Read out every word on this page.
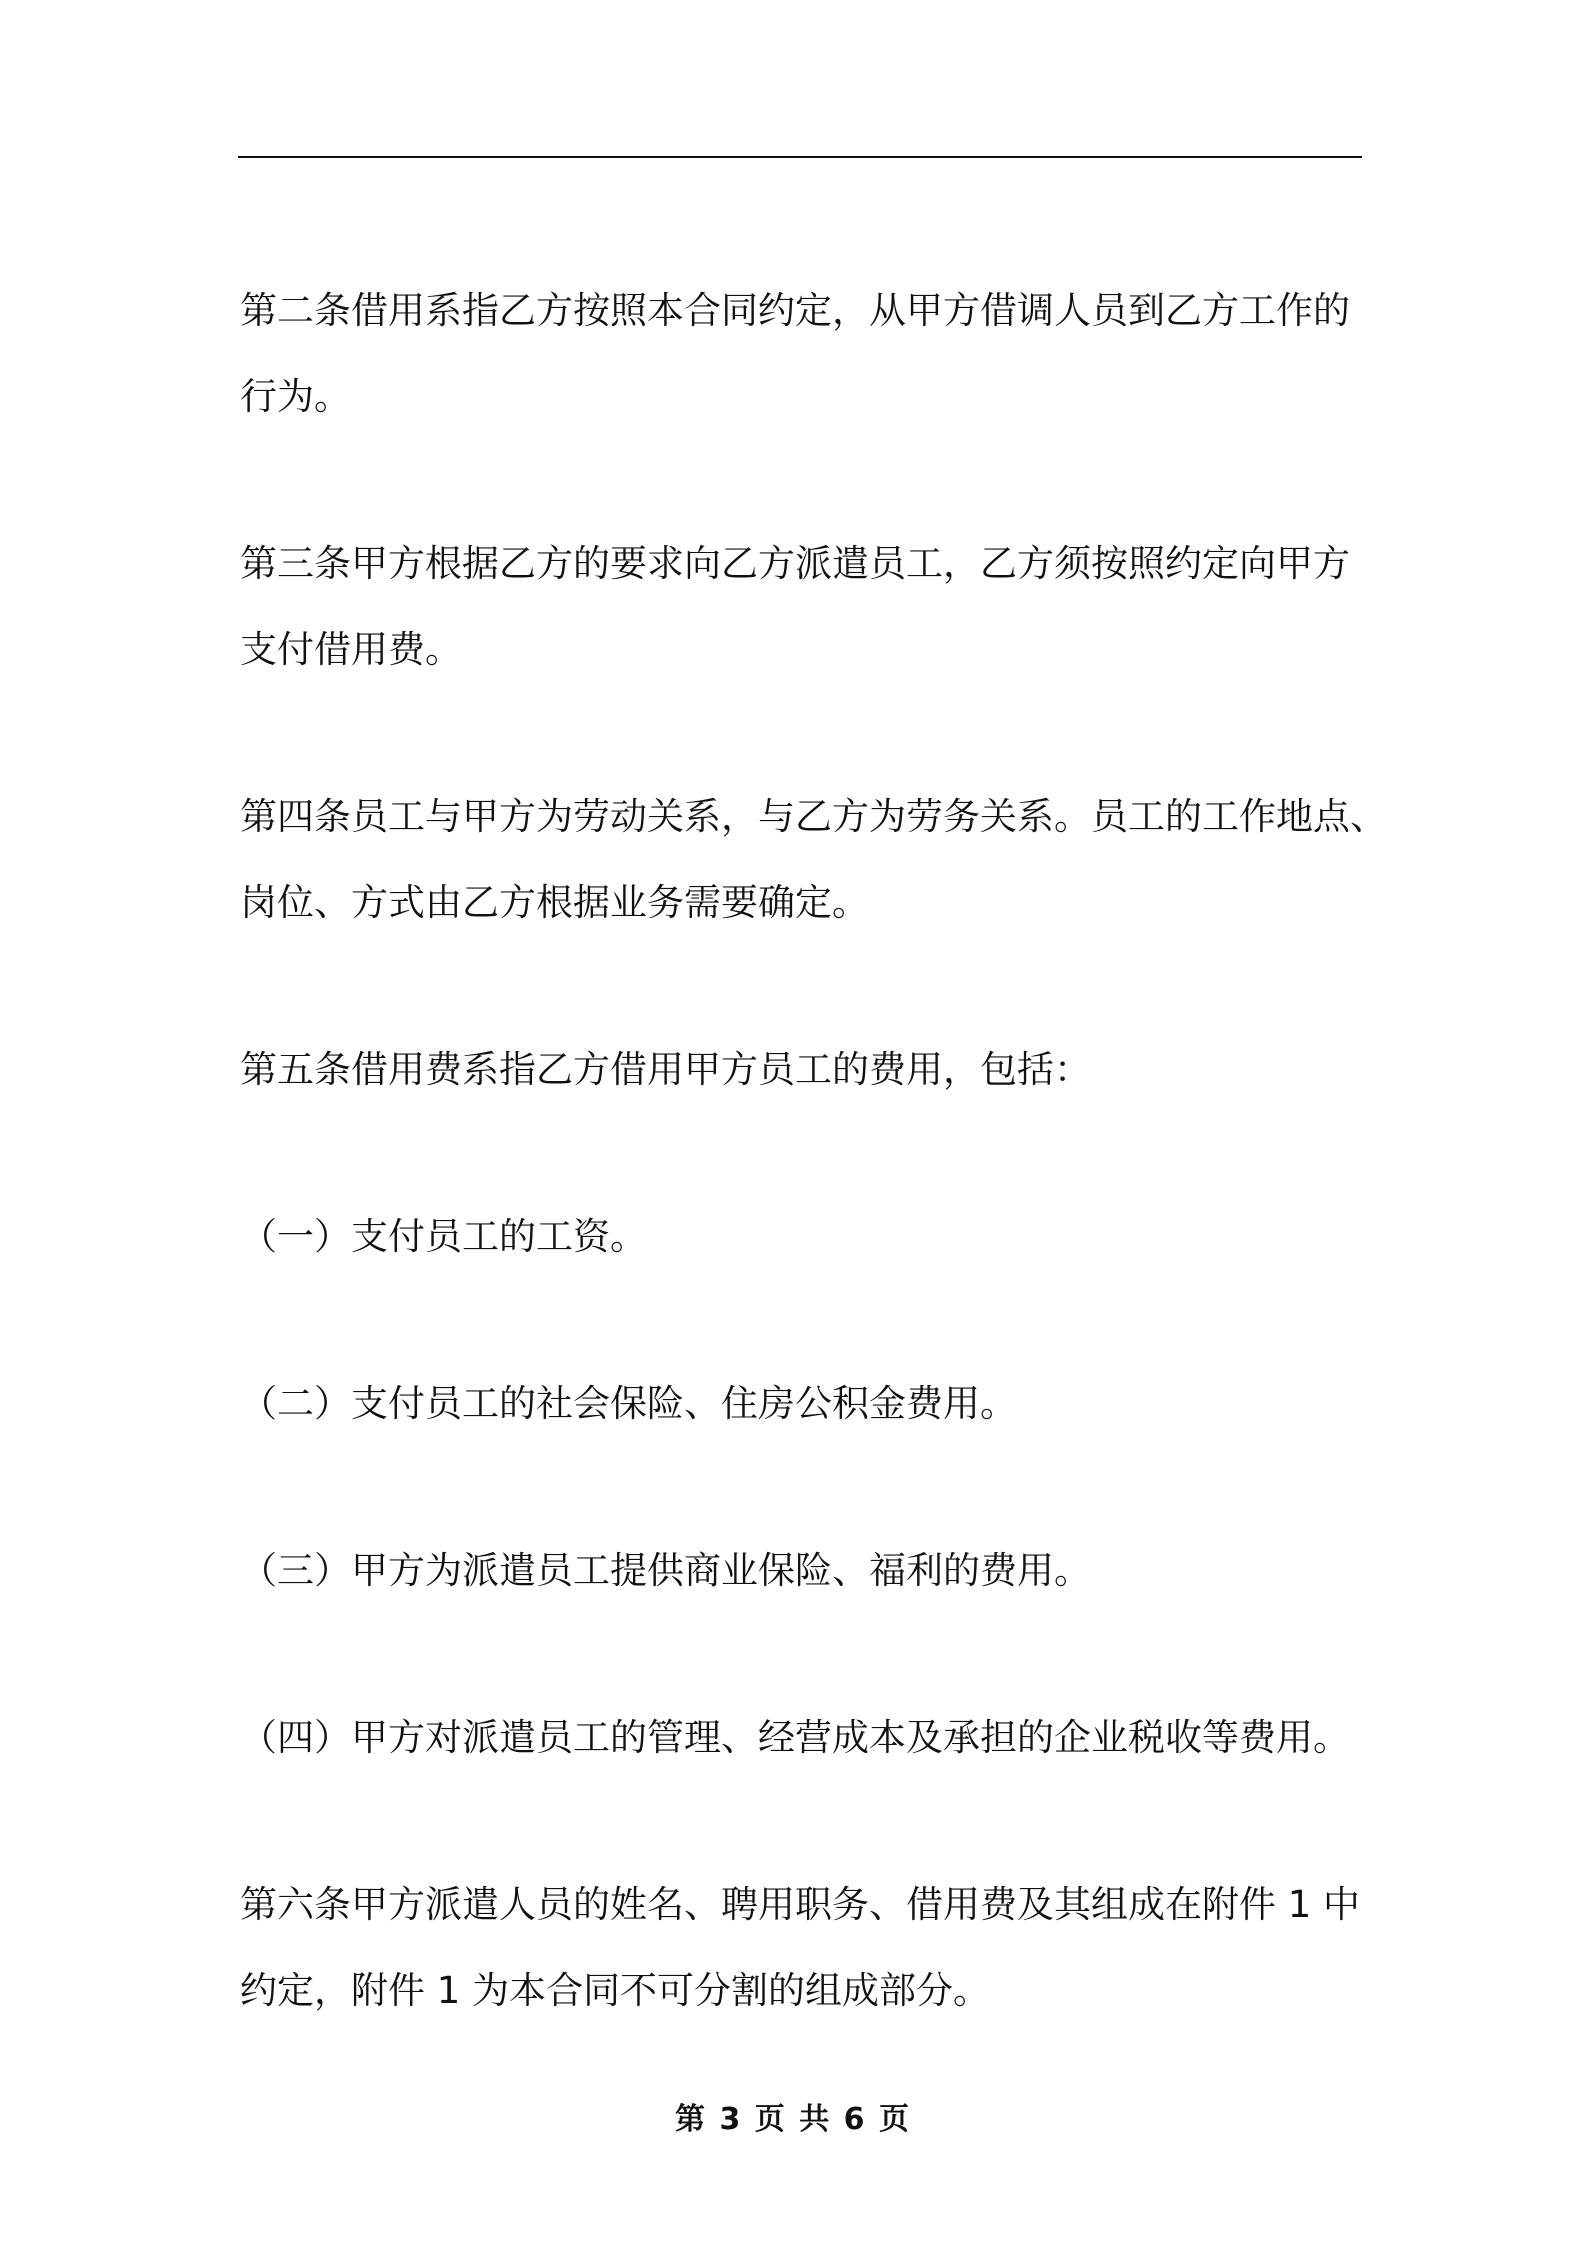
第二条借用系指乙方按照本合同约定，从甲方借调人员到乙方工作的
行为。
第三条甲方根据乙方的要求向乙方派遣员工，乙方须按照约定向甲方
支付借用费。
第四条员工与甲方为劳动关系，与乙方为劳务关系。员工的工作地点、
岗位、方式由乙方根据业务需要确定。
第五条借用费系指乙方借用甲方员工的费用，包括：
（一）支付员工的工资。
（二）支付员工的社会保险、住房公积金费用。
（三）甲方为派遣员工提供商业保险、福利的费用。
（四）甲方对派遣员工的管理、经营成本及承担的企业税收等费用。
第六条甲方派遣人员的姓名、聘用职务、借用费及其组成在附件 1 中
约定，附件 1 为本合同不可分割的组成部分。
第 3 页 共 6 页
